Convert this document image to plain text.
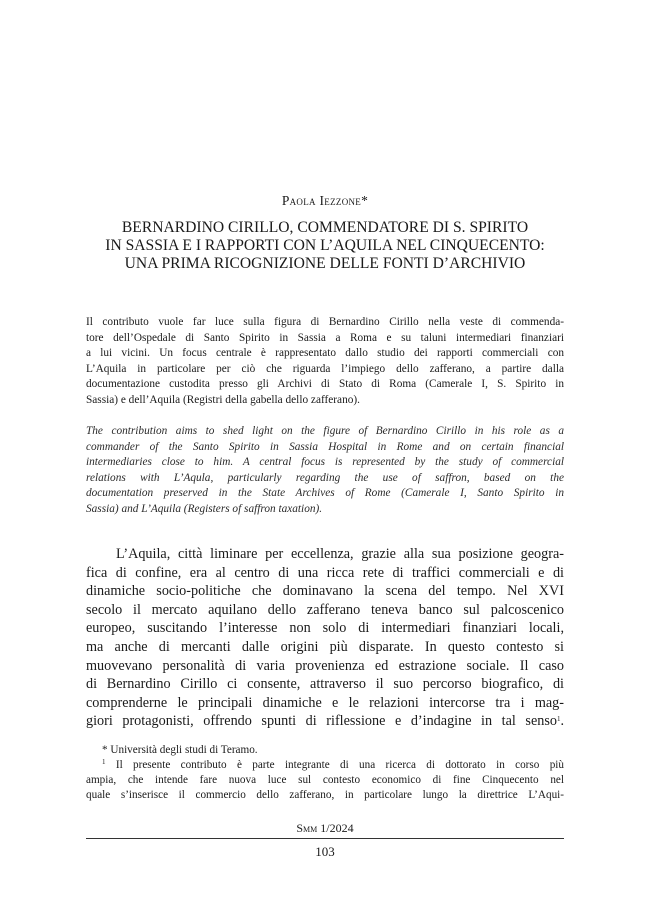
Paola Iezzone*
BERNARDINO CIRILLO, COMMENDATORE DI S. SPIRITO
IN SASSIA E I RAPPORTI CON L’AQUILA NEL CINQUECENTO:
UNA PRIMA RICOGNIZIONE DELLE FONTI D’ARCHIVIO
Il contributo vuole far luce sulla figura di Bernardino Cirillo nella veste di commenda-
tore dell’Ospedale di Santo Spirito in Sassia a Roma e su taluni intermediari finanziari
a lui vicini. Un focus centrale è rappresentato dallo studio dei rapporti commerciali con
L’Aquila in particolare per ciò che riguarda l’impiego dello zafferano, a partire dalla
documentazione custodita presso gli Archivi di Stato di Roma (Camerale I, S. Spirito in
Sassia) e dell’Aquila (Registri della gabella dello zafferano).
The contribution aims to shed light on the figure of Bernardino Cirillo in his role as a
commander of the Santo Spirito in Sassia Hospital in Rome and on certain financial
intermediaries close to him. A central focus is represented by the study of commercial
relations with L’Aqula, particularly regarding the use of saffron, based on the
documentation preserved in the State Archives of Rome (Camerale I, Santo Spirito in
Sassia) and L’Aquila (Registers of saffron taxation).
L’Aquila, città liminare per eccellenza, grazie alla sua posizione geogra-
fica di confine, era al centro di una ricca rete di traffici commerciali e di
dinamiche socio-politiche che dominavano la scena del tempo. Nel XVI
secolo il mercato aquilano dello zafferano teneva banco sul palcoscenico
europeo, suscitando l’interesse non solo di intermediari finanziari locali,
ma anche di mercanti dalle origini più disparate. In questo contesto si
muovevano personalità di varia provenienza ed estrazione sociale. Il caso
di Bernardino Cirillo ci consente, attraverso il suo percorso biografico, di
comprenderne le principali dinamiche e le relazioni intercorse tra i mag-
giori protagonisti, offrendo spunti di riflessione e d’indagine in tal senso$^1$.
* Università degli studi di Teramo.
$^1$ Il presente contributo è parte integrante di una ricerca di dottorato in corso più
ampia, che intende fare nuova luce sul contesto economico di fine Cinquecento nel
quale s’inserisce il commercio dello zafferano, in particolare lungo la direttrice L’Aqui-
Smm 1/2024
103
